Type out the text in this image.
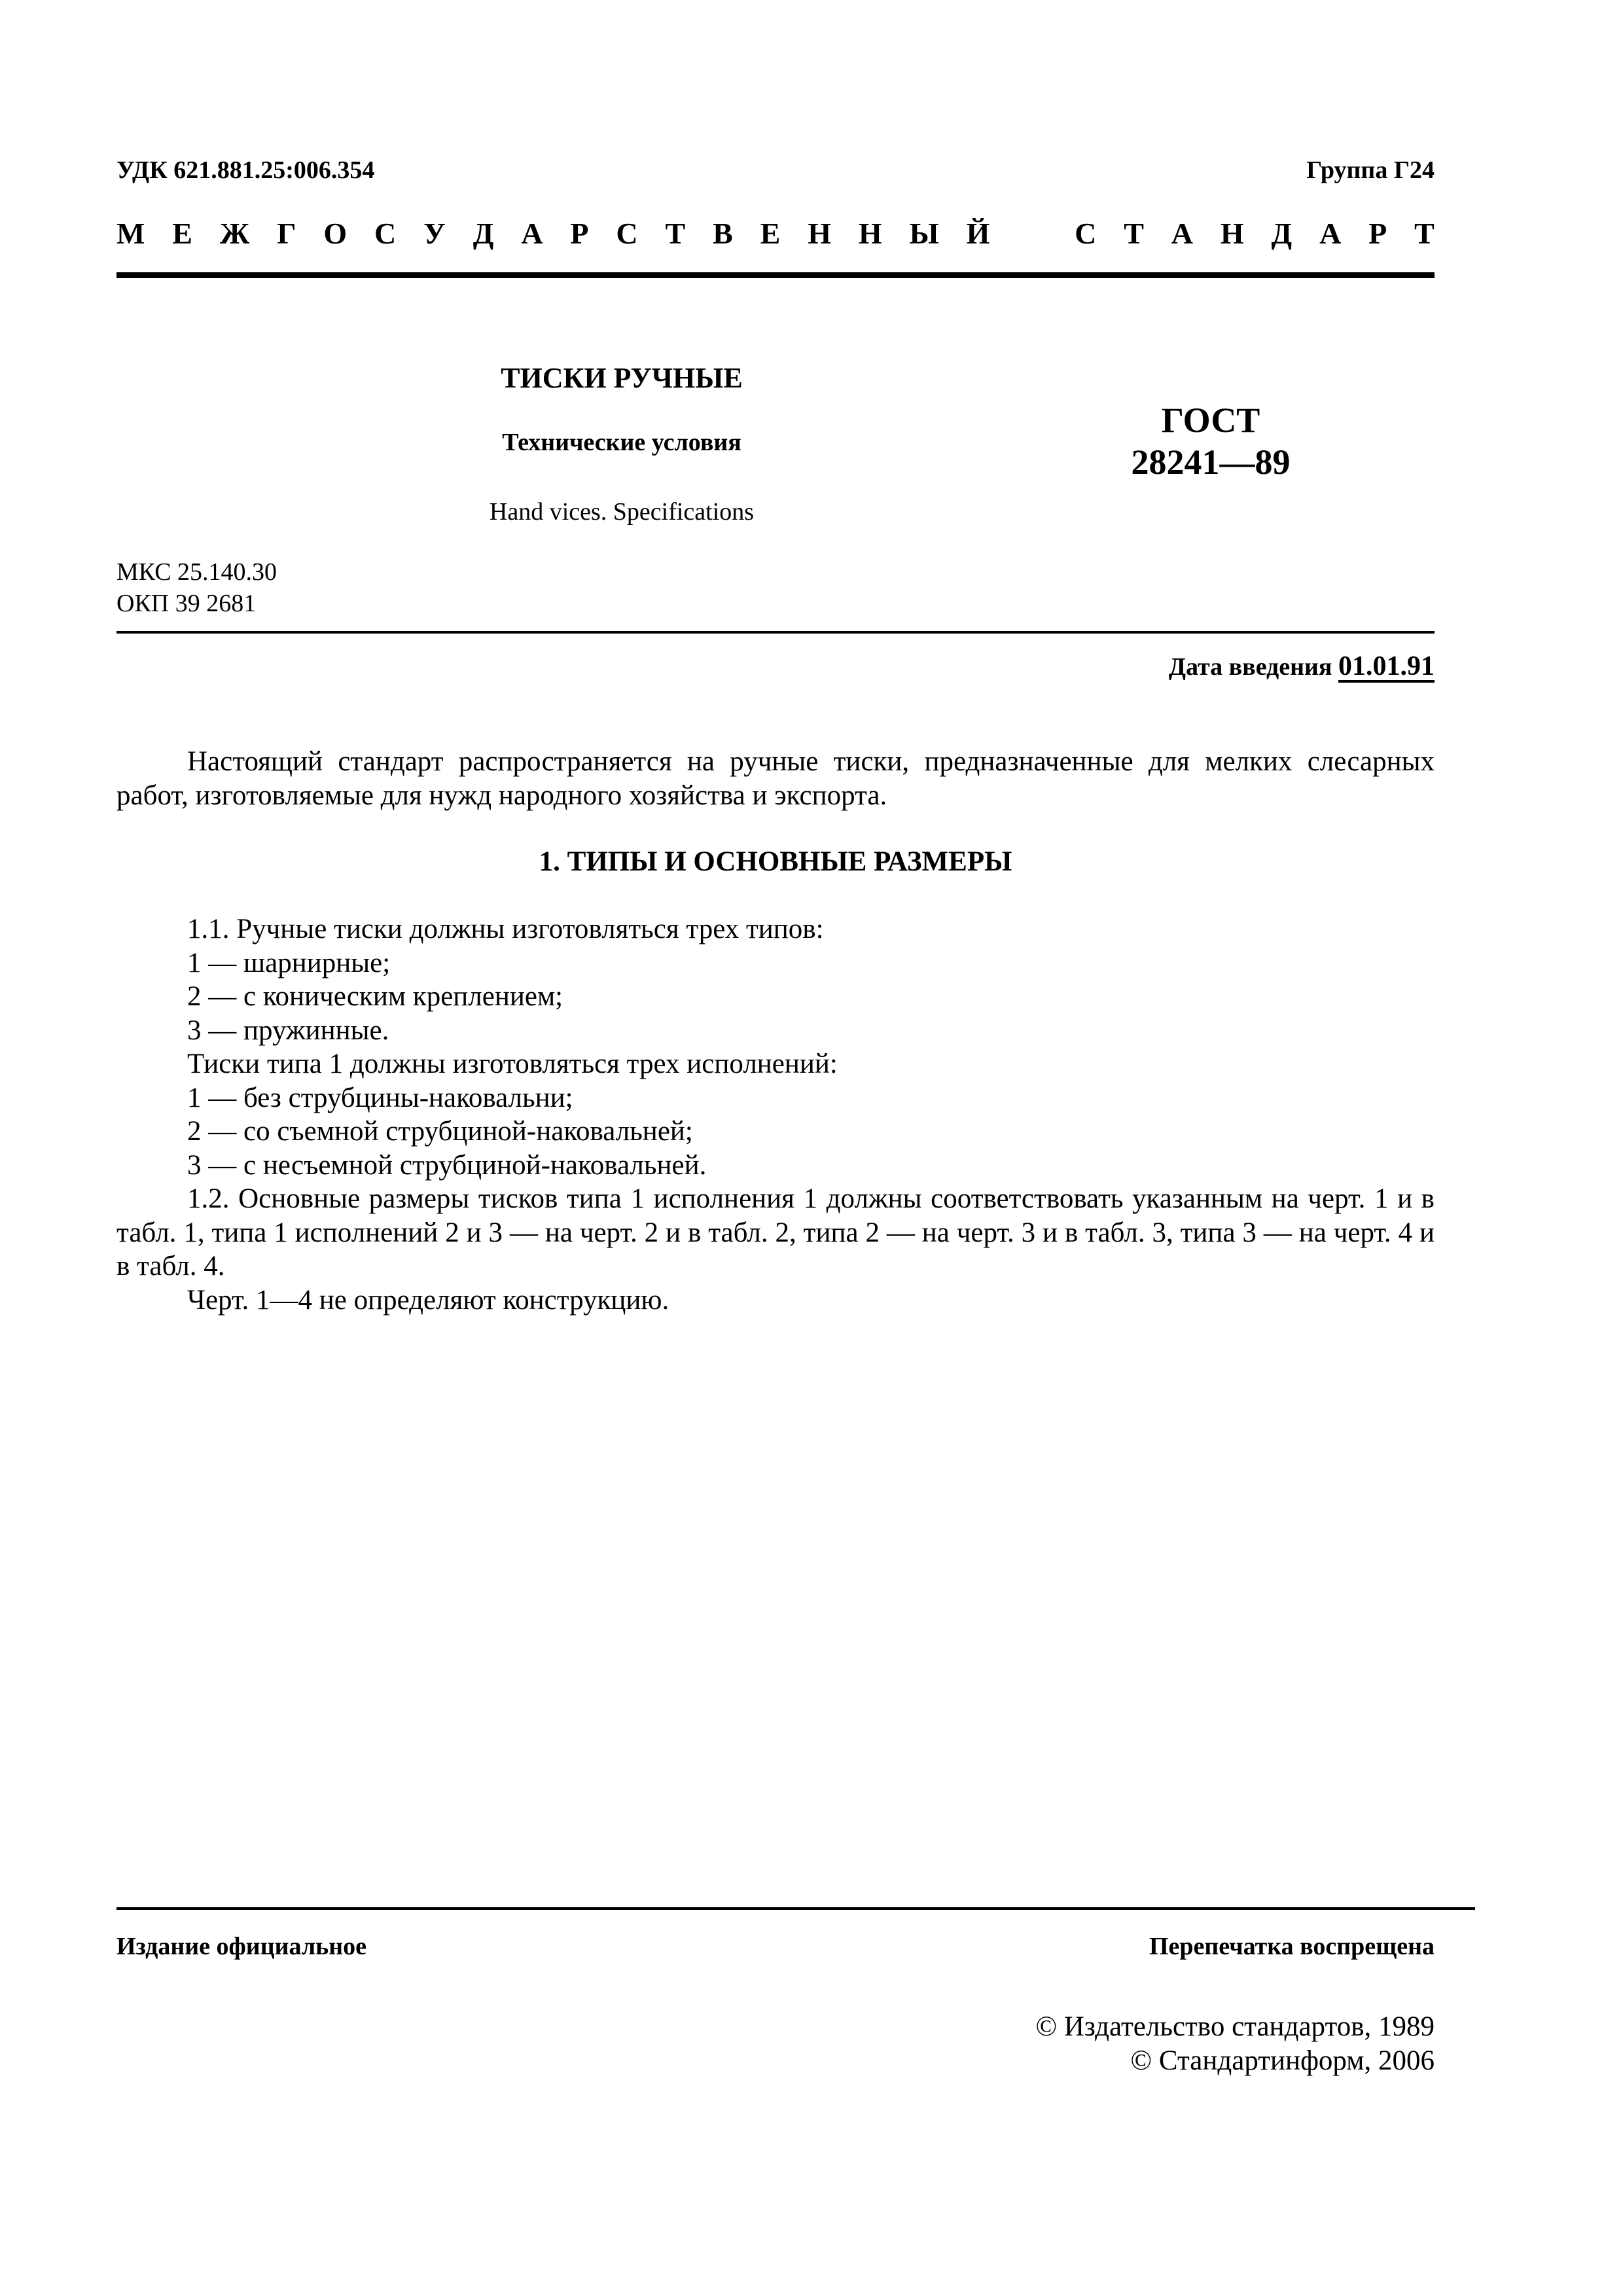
УДК 621.881.25:006.354	Группа Г24
М Е Ж Г О С У Д А Р С Т В Е Н Н Ы Й	С Т А Н Д А Р Т
ТИСКИ РУЧНЫЕ
Технические условия
Hand vices. Specifications
ГОСТ
28241—89
МКС 25.140.30
ОКП 39 2681
Дата введения 01.01.91
Настоящий стандарт распространяется на ручные тиски, предназначенные для мелких слесарных работ, изготовляемые для нужд народного хозяйства и экспорта.
1. ТИПЫ И ОСНОВНЫЕ РАЗМЕРЫ
1.1. Ручные тиски должны изготовляться трех типов:
1 — шарнирные;
2 — с коническим креплением;
3 — пружинные.
Тиски типа 1 должны изготовляться трех исполнений:
1 — без струбцины-наковальни;
2 — со съемной струбциной-наковальней;
3 — с несъемной струбциной-наковальней.
1.2. Основные размеры тисков типа 1 исполнения 1 должны соответствовать указанным на черт. 1 и в табл. 1, типа 1 исполнений 2 и 3 — на черт. 2 и в табл. 2, типа 2 — на черт. 3 и в табл. 3, типа 3 — на черт. 4 и в табл. 4.
Черт. 1—4 не определяют конструкцию.
Издание официальное	Перепечатка воспрещена
© Издательство стандартов, 1989
© Стандартинформ, 2006
